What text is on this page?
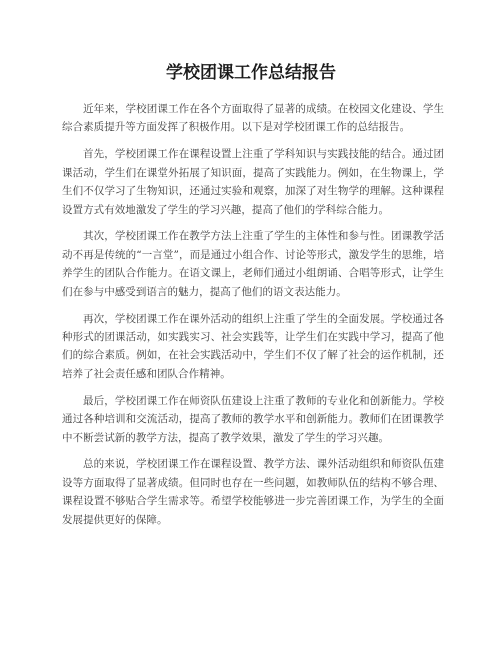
学校团课工作总结报告

近年来，学校团课工作在各个方面取得了显著的成绩。在校园文化建设、学生综合素质提升等方面发挥了积极作用。以下是对学校团课工作的总结报告。

首先，学校团课工作在课程设置上注重了学科知识与实践技能的结合。通过团课活动，学生们在课堂外拓展了知识面，提高了实践能力。例如，在生物课上，学生们不仅学习了生物知识，还通过实验和观察，加深了对生物学的理解。这种课程设置方式有效地激发了学生的学习兴趣，提高了他们的学科综合能力。

其次，学校团课工作在教学方法上注重了学生的主体性和参与性。团课教学活动不再是传统的“一言堂”，而是通过小组合作、讨论等形式，激发学生的思维，培养学生的团队合作能力。在语文课上，老师们通过小组朗诵、合唱等形式，让学生们在参与中感受到语言的魅力，提高了他们的语文表达能力。

再次，学校团课工作在课外活动的组织上注重了学生的全面发展。学校通过各种形式的团课活动，如实践实习、社会实践等，让学生们在实践中学习，提高了他们的综合素质。例如，在社会实践活动中，学生们不仅了解了社会的运作机制，还培养了社会责任感和团队合作精神。

最后，学校团课工作在师资队伍建设上注重了教师的专业化和创新能力。学校通过各种培训和交流活动，提高了教师的教学水平和创新能力。教师们在团课教学中不断尝试新的教学方法，提高了教学效果，激发了学生的学习兴趣。

总的来说，学校团课工作在课程设置、教学方法、课外活动组织和师资队伍建设等方面取得了显著成绩。但同时也存在一些问题，如教师队伍的结构不够合理、课程设置不够贴合学生需求等。希望学校能够进一步完善团课工作，为学生的全面发展提供更好的保障。
